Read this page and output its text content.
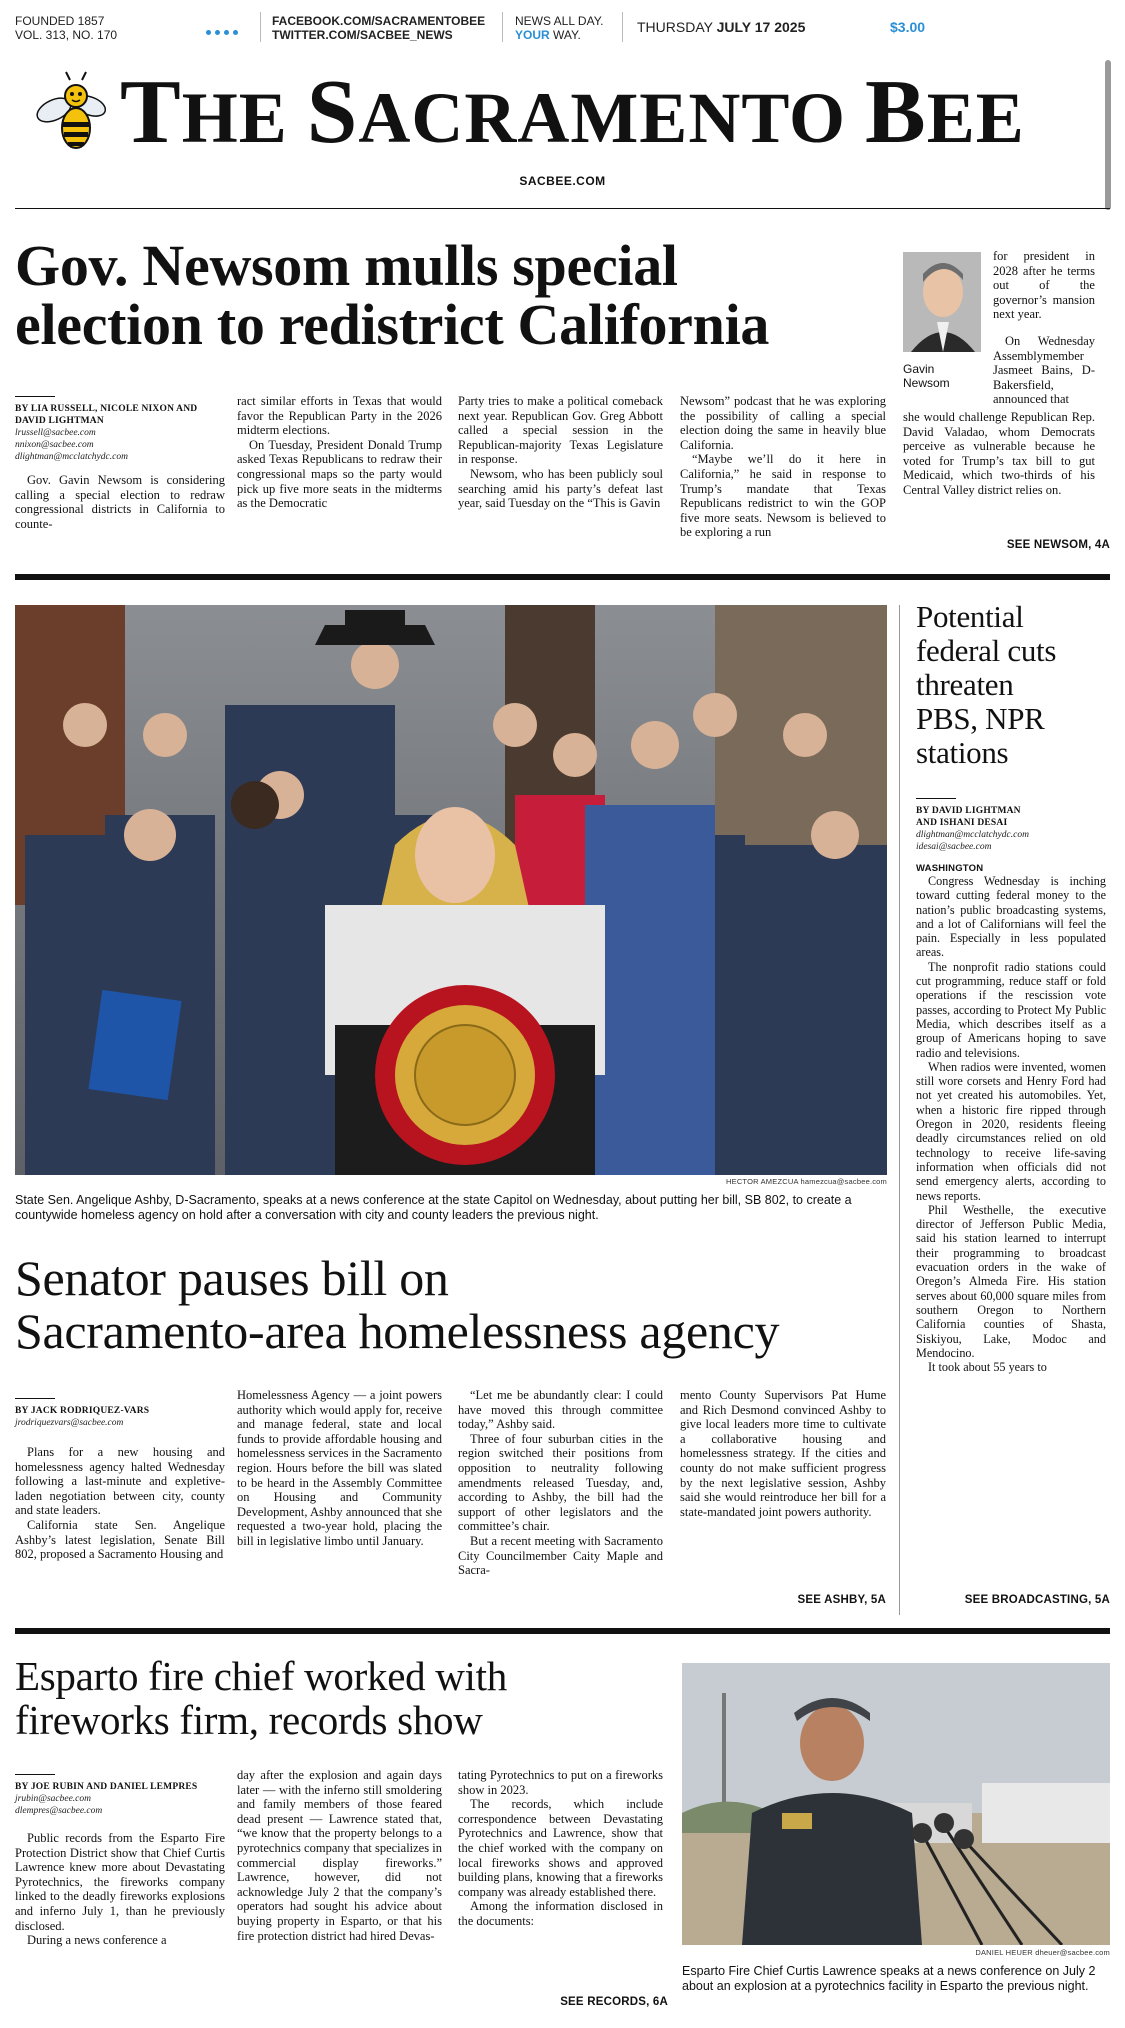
FOUNDED 1857
VOL. 313, NO. 170
FACEBOOK.COM/SACRAMENTOBEE
TWITTER.COM/SACBEE_NEWS
NEWS ALL DAY.
YOUR WAY.	THURSDAY JULY 17 2025	$3.00
THE SACRAMENTO BEE
SACBEE.COM
Gov. Newsom mulls special
election to redistrict California
BY LIA RUSSELL, NICOLE NIXON AND
DAVID LIGHTMAN
lrussell@sacbee.com
nnixon@sacbee.com
dlightman@mcclatchydc.com

Gov. Gavin Newsom is considering calling a special election to redraw congressional districts in California to counte-

ract similar efforts in Texas that would favor the Republican Party in the 2026 midterm elections.

On Tuesday, President Donald Trump asked Texas Republicans to redraw their congressional maps so the party would pick up five more seats in the midterms as the Democratic

Party tries to make a political comeback next year. Republican Gov. Greg Abbott called a special session in the Republican-majority Texas Legislature in response.

Newsom, who has been publicly soul searching amid his party’s defeat last year, said Tuesday on the “This is Gavin

Newsom” podcast that he was exploring the possibility of calling a special election doing the same in heavily blue California.

“Maybe we’ll do it here in California,” he said in response to Trump’s mandate that Texas Republicans redistrict to win the GOP five more seats. Newsom is believed to be exploring a run

Gavin
Newsom

for president in 2028 after he terms out of the governor’s mansion next year.

On Wednesday Assemblymember Jasmeet Bains, D-Bakersfield, announced that

she would challenge Republican Rep. David Valadao, whom Democrats perceive as vulnerable because he voted for Trump’s tax bill to gut Medicaid, which two-thirds of his Central Valley district relies on.

SEE NEWSOM, 4A
HECTOR AMEZCUA hamezcua@sacbee.com
State Sen. Angelique Ashby, D-Sacramento, speaks at a news conference at the state Capitol on Wednesday, about putting her bill, SB 802, to create a countywide homeless agency on hold after a conversation with city and county leaders the previous night.
Senator pauses bill on
Sacramento-area homelessness agency
BY JACK RODRIQUEZ-VARS
jrodriquezvars@sacbee.com

Plans for a new housing and homelessness agency halted Wednesday following a last-minute and expletive-laden negotiation between city, county and state leaders.

California state Sen. Angelique Ashby’s latest legislation, Senate Bill 802, proposed a Sacramento Housing and

Homelessness Agency — a joint powers authority which would apply for, receive and manage federal, state and local funds to provide affordable housing and homelessness services in the Sacramento region. Hours before the bill was slated to be heard in the Assembly Committee on Housing and Community Development, Ashby announced that she requested a two-year hold, placing the bill in legislative limbo until January.

“Let me be abundantly clear: I could have moved this through committee today,” Ashby said.

Three of four suburban cities in the region switched their positions from opposition to neutrality following amendments released Tuesday, and, according to Ashby, the bill had the support of other legislators and the committee’s chair.

But a recent meeting with Sacramento City Councilmember Caity Maple and Sacra-

mento County Supervisors Pat Hume and Rich Desmond convinced Ashby to give local leaders more time to cultivate a collaborative housing and homelessness strategy. If the cities and county do not make sufficient progress by the next legislative session, Ashby said she would reintroduce her bill for a state-mandated joint powers authority.

SEE ASHBY, 5A
Potential
federal cuts
threaten
PBS, NPR
stations
BY DAVID LIGHTMAN
AND ISHANI DESAI
dlightman@mcclatchydc.com
idesai@sacbee.com
WASHINGTON

Congress Wednesday is inching toward cutting federal money to the nation’s public broadcasting systems, and a lot of Californians will feel the pain. Especially in less populated areas.

The nonprofit radio stations could cut programming, reduce staff or fold operations if the rescission vote passes, according to Protect My Public Media, which describes itself as a group of Americans hoping to save radio and televisions.

When radios were invented, women still wore corsets and Henry Ford had not yet created his automobiles. Yet, when a historic fire ripped through Oregon in 2020, residents fleeing deadly circumstances relied on old technology to receive life-saving information when officials did not send emergency alerts, according to news reports.

Phil Westhelle, the executive director of Jefferson Public Media, said his station learned to interrupt their programming to broadcast evacuation orders in the wake of Oregon’s Almeda Fire. His station serves about 60,000 square miles from southern Oregon to Northern California counties of Shasta, Siskiyou, Lake, Modoc and Mendocino.

It took about 55 years to

SEE BROADCASTING, 5A
Esparto fire chief worked with
fireworks firm, records show
BY JOE RUBIN AND DANIEL LEMPRES
jrubin@sacbee.com
dlempres@sacbee.com

Public records from the Esparto Fire Protection District show that Chief Curtis Lawrence knew more about Devastating Pyrotechnics, the fireworks company linked to the deadly fireworks explosions and inferno July 1, than he previously disclosed.

During a news conference a

day after the explosion and again days later — with the inferno still smoldering and family members of those feared dead present — Lawrence stated that, “we know that the property belongs to a pyrotechnics company that specializes in commercial display fireworks.” Lawrence, however, did not acknowledge July 2 that the company’s operators had sought his advice about buying property in Esparto, or that his fire protection district had hired Devas-

tating Pyrotechnics to put on a fireworks show in 2023.

The records, which include correspondence between Devastating Pyrotechnics and Lawrence, show that the chief worked with the company on local fireworks shows and approved building plans, knowing that a fireworks company was already established there.

Among the information disclosed in the documents:

SEE RECORDS, 6A
DANIEL HEUER dheuer@sacbee.com
Esparto Fire Chief Curtis Lawrence speaks at a news conference on July 2 about an explosion at a pyrotechnics facility in Esparto the previous night.
